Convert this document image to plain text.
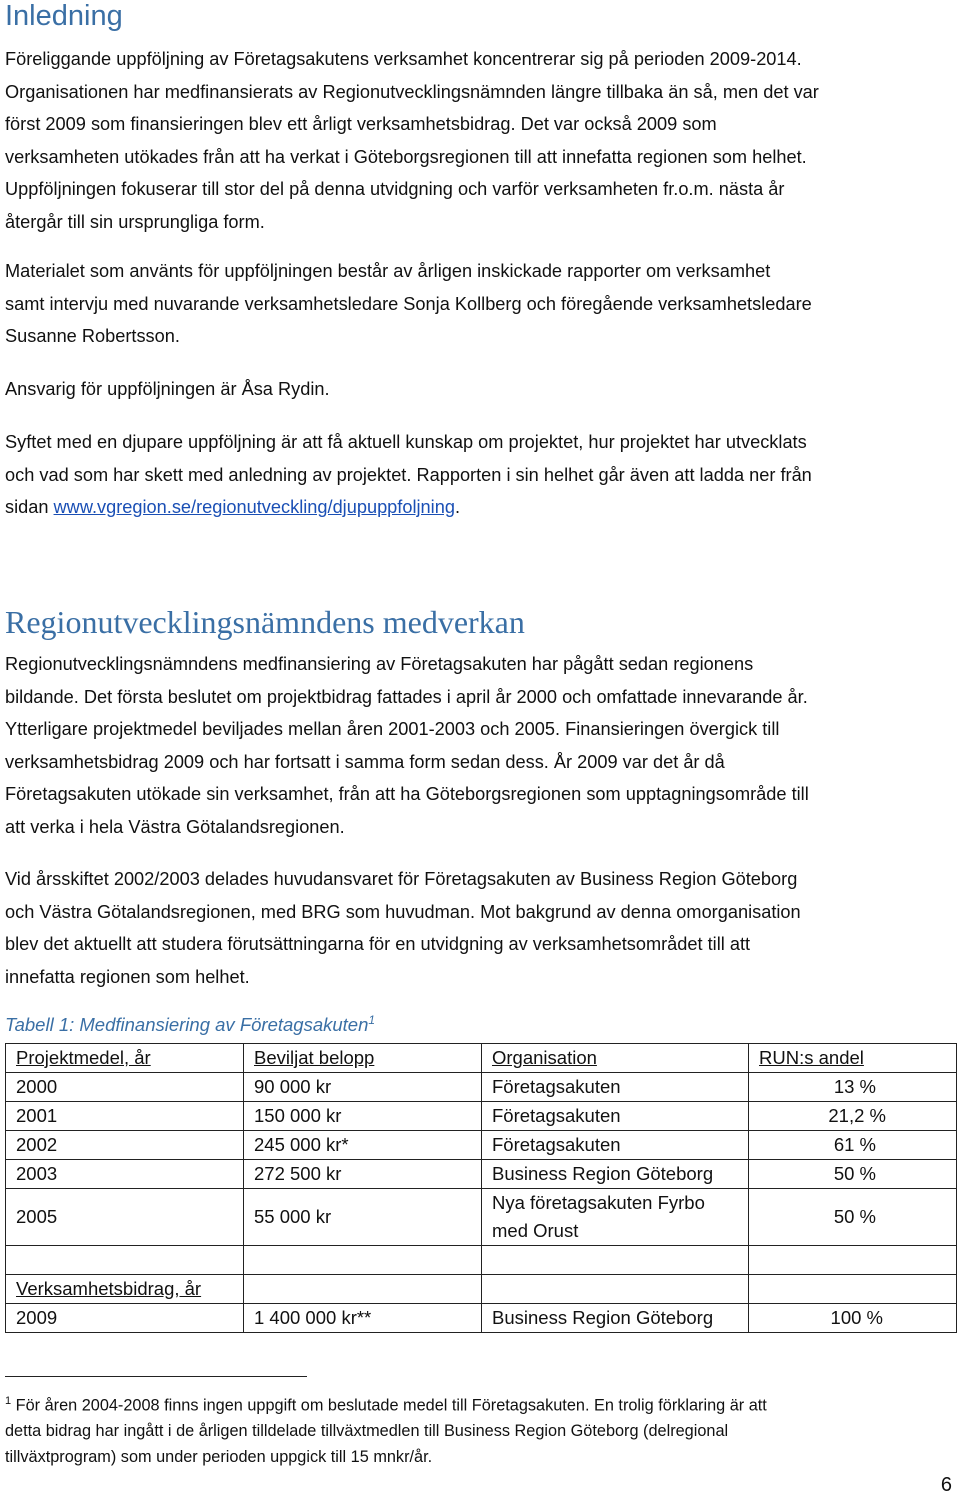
Inledning

Föreliggande uppföljning av Företagsakutens verksamhet koncentrerar sig på perioden 2009-2014.
Organisationen har medfinansierats av Regionutvecklingsnämnden längre tillbaka än så, men det var
först 2009 som finansieringen blev ett årligt verksamhetsbidrag. Det var också 2009 som
verksamheten utökades från att ha verkat i Göteborgsregionen till att innefatta regionen som helhet.
Uppföljningen fokuserar till stor del på denna utvidgning och varför verksamheten fr.o.m. nästa år
återgår till sin ursprungliga form.

Materialet som använts för uppföljningen består av årligen inskickade rapporter om verksamhet
samt intervju med nuvarande verksamhetsledare Sonja Kollberg och föregående verksamhetsledare
Susanne Robertsson.

Ansvarig för uppföljningen är Åsa Rydin.

Syftet med en djupare uppföljning är att få aktuell kunskap om projektet, hur projektet har utvecklats
och vad som har skett med anledning av projektet. Rapporten i sin helhet går även att ladda ner från
sidan www.vgregion.se/regionutveckling/djupuppfoljning.

Regionutvecklingsnämndens medverkan

Regionutvecklingsnämndens medfinansiering av Företagsakuten har pågått sedan regionens
bildande. Det första beslutet om projektbidrag fattades i april år 2000 och omfattade innevarande år.
Ytterligare projektmedel beviljades mellan åren 2001-2003 och 2005. Finansieringen övergick till
verksamhetsbidrag 2009 och har fortsatt i samma form sedan dess. År 2009 var det år då
Företagsakuten utökade sin verksamhet, från att ha Göteborgsregionen som upptagningsområde till
att verka i hela Västra Götalandsregionen.

Vid årsskiftet 2002/2003 delades huvudansvaret för Företagsakuten av Business Region Göteborg
och Västra Götalandsregionen, med BRG som huvudman. Mot bakgrund av denna omorganisation
blev det aktuellt att studera förutsättningarna för en utvidgning av verksamhetsområdet till att
innefatta regionen som helhet.

Tabell 1: Medfinansiering av Företagsakuten$^1$

Projektmedel, år	Beviljat belopp	Organisation	RUN:s andel
2000	90 000 kr	Företagsakuten	13 %
2001	150 000 kr	Företagsakuten	21,2 %
2002	245 000 kr*	Företagsakuten	61 %
2003	272 500 kr	Business Region Göteborg	50 %
2005	55 000 kr	Nya företagsakuten Fyrbo med Orust	50 %

Verksamhetsbidrag, år			
2009	1 400 000 kr**	Business Region Göteborg	100 %

$^1$ För åren 2004-2008 finns ingen uppgift om beslutade medel till Företagsakuten. En trolig förklaring är att
detta bidrag har ingått i de årligen tilldelade tillväxtmedlen till Business Region Göteborg (delregional
tillväxtprogram) som under perioden uppgick till 15 mnkr/år.

6
